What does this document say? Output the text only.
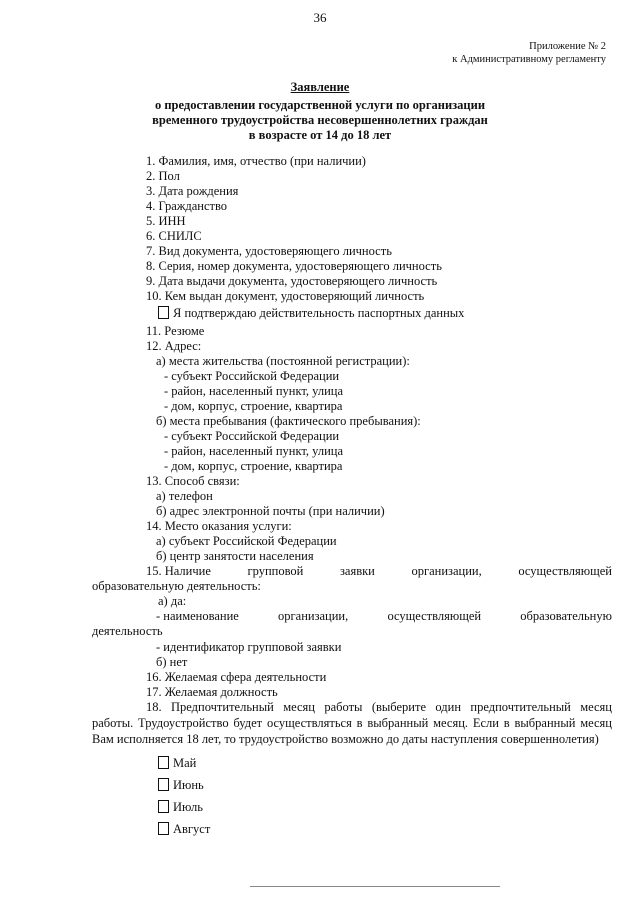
36
Приложение № 2
к Административному регламенту
Заявление
о предоставлении государственной услуги по организации
временного трудоустройства несовершеннолетних граждан
в возрасте от 14 до 18 лет
1. Фамилия, имя, отчество (при наличии)
2. Пол
3. Дата рождения
4. Гражданство
5. ИНН
6. СНИЛС
7. Вид документа, удостоверяющего личность
8. Серия, номер документа, удостоверяющего личность
9. Дата выдачи документа, удостоверяющего личность
10. Кем выдан документ, удостоверяющий личность
Я подтверждаю действительность паспортных данных
11. Резюме
12. Адрес:
а) места жительства (постоянной регистрации):
- субъект Российской Федерации
- район, населенный пункт, улица
- дом, корпус, строение, квартира
б) места пребывания (фактического пребывания):
- субъект Российской Федерации
- район, населенный пункт, улица
- дом, корпус, строение, квартира
13. Способ связи:
а) телефон
б) адрес электронной почты (при наличии)
14. Место оказания услуги:
а) субъект Российской Федерации
б) центр занятости населения
15. Наличие	групповой	заявки	организации,	осуществляющей
образовательную деятельность:
а) да:
- наименование	организации,	осуществляющей	образовательную
деятельность
- идентификатор групповой заявки
б) нет
16. Желаемая сфера деятельности
17. Желаемая должность
18. Предпочтительный месяц работы (выберите один предпочтительный месяц работы. Трудоустройство будет осуществляться в выбранный месяц. Если в выбранный месяц Вам исполняется 18 лет, то трудоустройство возможно до даты наступления совершеннолетия)
Май
Июнь
Июль
Август
